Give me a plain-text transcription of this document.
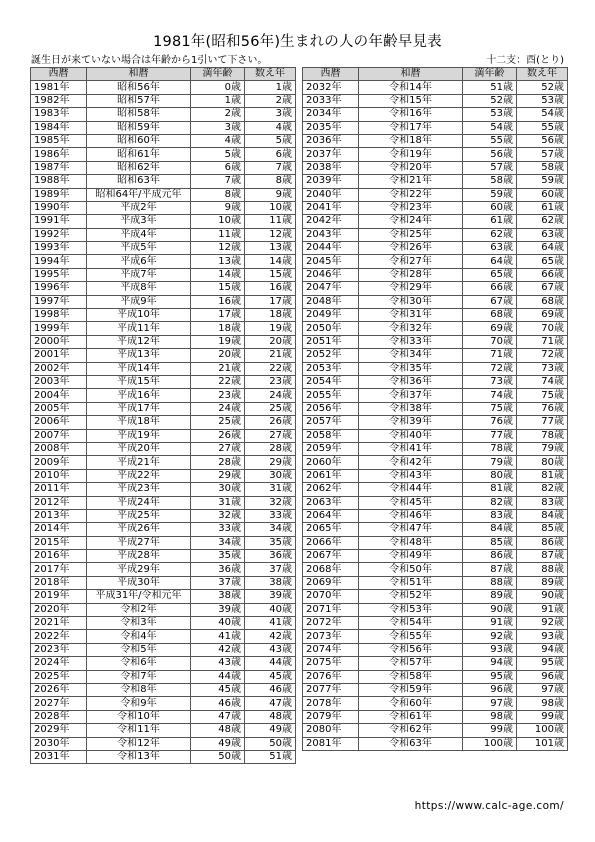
1981年(昭和56年)生まれの人の年齢早見表
誕生日が来ていない場合は年齢から1引いて下さい。	十二支：酉(とり)
西暦	和暦	満年齢	数え年
1981年	昭和56年	0歳	1歳
1982年	昭和57年	1歳	2歳
1983年	昭和58年	2歳	3歳
1984年	昭和59年	3歳	4歳
1985年	昭和60年	4歳	5歳
1986年	昭和61年	5歳	6歳
1987年	昭和62年	6歳	7歳
1988年	昭和63年	7歳	8歳
1989年	昭和64年/平成元年	8歳	9歳
1990年	平成2年	9歳	10歳
1991年	平成3年	10歳	11歳
1992年	平成4年	11歳	12歳
1993年	平成5年	12歳	13歳
1994年	平成6年	13歳	14歳
1995年	平成7年	14歳	15歳
1996年	平成8年	15歳	16歳
1997年	平成9年	16歳	17歳
1998年	平成10年	17歳	18歳
1999年	平成11年	18歳	19歳
2000年	平成12年	19歳	20歳
2001年	平成13年	20歳	21歳
2002年	平成14年	21歳	22歳
2003年	平成15年	22歳	23歳
2004年	平成16年	23歳	24歳
2005年	平成17年	24歳	25歳
2006年	平成18年	25歳	26歳
2007年	平成19年	26歳	27歳
2008年	平成20年	27歳	28歳
2009年	平成21年	28歳	29歳
2010年	平成22年	29歳	30歳
2011年	平成23年	30歳	31歳
2012年	平成24年	31歳	32歳
2013年	平成25年	32歳	33歳
2014年	平成26年	33歳	34歳
2015年	平成27年	34歳	35歳
2016年	平成28年	35歳	36歳
2017年	平成29年	36歳	37歳
2018年	平成30年	37歳	38歳
2019年	平成31年/令和元年	38歳	39歳
2020年	令和2年	39歳	40歳
2021年	令和3年	40歳	41歳
2022年	令和4年	41歳	42歳
2023年	令和5年	42歳	43歳
2024年	令和6年	43歳	44歳
2025年	令和7年	44歳	45歳
2026年	令和8年	45歳	46歳
2027年	令和9年	46歳	47歳
2028年	令和10年	47歳	48歳
2029年	令和11年	48歳	49歳
2030年	令和12年	49歳	50歳
2031年	令和13年	50歳	51歳
西暦	和暦	満年齢	数え年
2032年	令和14年	51歳	52歳
2033年	令和15年	52歳	53歳
2034年	令和16年	53歳	54歳
2035年	令和17年	54歳	55歳
2036年	令和18年	55歳	56歳
2037年	令和19年	56歳	57歳
2038年	令和20年	57歳	58歳
2039年	令和21年	58歳	59歳
2040年	令和22年	59歳	60歳
2041年	令和23年	60歳	61歳
2042年	令和24年	61歳	62歳
2043年	令和25年	62歳	63歳
2044年	令和26年	63歳	64歳
2045年	令和27年	64歳	65歳
2046年	令和28年	65歳	66歳
2047年	令和29年	66歳	67歳
2048年	令和30年	67歳	68歳
2049年	令和31年	68歳	69歳
2050年	令和32年	69歳	70歳
2051年	令和33年	70歳	71歳
2052年	令和34年	71歳	72歳
2053年	令和35年	72歳	73歳
2054年	令和36年	73歳	74歳
2055年	令和37年	74歳	75歳
2056年	令和38年	75歳	76歳
2057年	令和39年	76歳	77歳
2058年	令和40年	77歳	78歳
2059年	令和41年	78歳	79歳
2060年	令和42年	79歳	80歳
2061年	令和43年	80歳	81歳
2062年	令和44年	81歳	82歳
2063年	令和45年	82歳	83歳
2064年	令和46年	83歳	84歳
2065年	令和47年	84歳	85歳
2066年	令和48年	85歳	86歳
2067年	令和49年	86歳	87歳
2068年	令和50年	87歳	88歳
2069年	令和51年	88歳	89歳
2070年	令和52年	89歳	90歳
2071年	令和53年	90歳	91歳
2072年	令和54年	91歳	92歳
2073年	令和55年	92歳	93歳
2074年	令和56年	93歳	94歳
2075年	令和57年	94歳	95歳
2076年	令和58年	95歳	96歳
2077年	令和59年	96歳	97歳
2078年	令和60年	97歳	98歳
2079年	令和61年	98歳	99歳
2080年	令和62年	99歳	100歳
2081年	令和63年	100歳	101歳
https://www.calc-age.com/
